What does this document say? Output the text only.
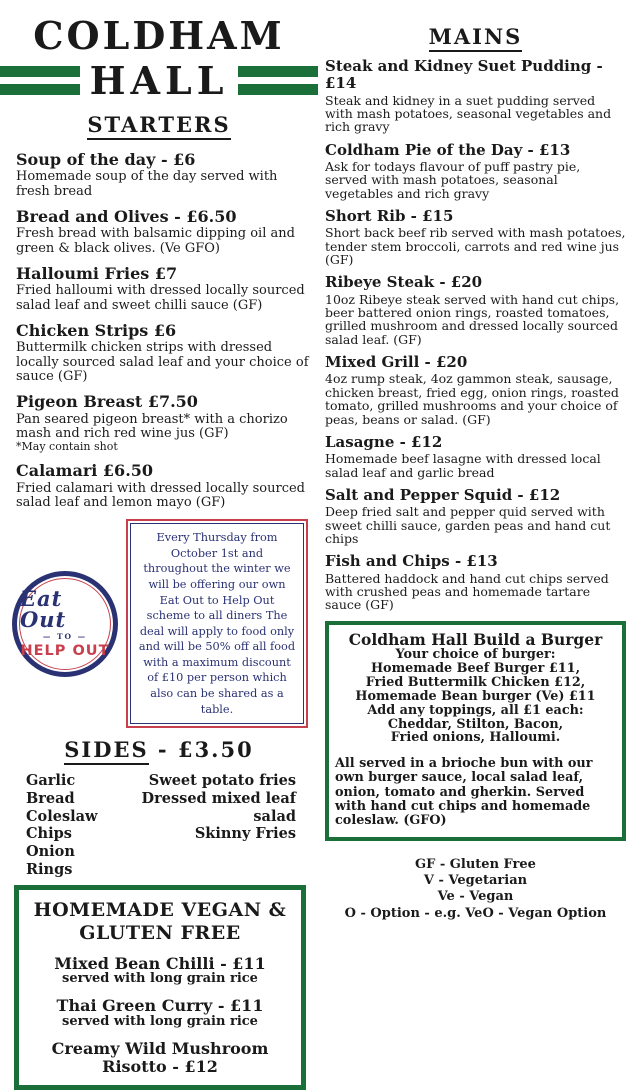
COLDHAM
HALL
STARTERS
Soup of the day - £6
Homemade soup of the day served with fresh bread
Bread and Olives - £6.50
Fresh bread with balsamic dipping oil and green & black olives. (Ve GFO)
Halloumi Fries £7
Fried halloumi with dressed locally sourced salad leaf and sweet chilli sauce (GF)
Chicken Strips £6
Buttermilk chicken strips with dressed locally sourced salad leaf and your choice of sauce (GF)
Pigeon Breast £7.50
Pan seared pigeon breast* with a chorizo mash and rich red wine jus (GF)
*May contain shot
Calamari £6.50
Fried calamari with dressed locally sourced salad leaf and lemon mayo (GF)
Eat Out
— TO —
HELP OUT
Every Thursday from October 1st and throughout the winter we will be offering our own Eat Out to Help Out scheme to all diners The deal will apply to food only and will be 50% off all food with a maximum discount of £10 per person which also can be shared as a table.
SIDES - £3.50
Garlic Bread
Coleslaw
Chips
Onion Rings
Sweet potato fries
Dressed mixed leaf salad
Skinny Fries
HOMEMADE VEGAN &
GLUTEN FREE
Mixed Bean Chilli - £11
served with long grain rice
Thai Green Curry - £11
served with long grain rice
Creamy Wild Mushroom Risotto - £12
MAINS
Steak and Kidney Suet Pudding - £14
Steak and kidney in a suet pudding served with mash potatoes, seasonal vegetables and rich gravy
Coldham Pie of the Day - £13
Ask for todays flavour of puff pastry pie, served with mash potatoes, seasonal vegetables and rich gravy
Short Rib - £15
Short back beef rib served with mash potatoes, tender stem broccoli, carrots and red wine jus (GF)
Ribeye Steak - £20
10oz Ribeye steak served with hand cut chips, beer battered onion rings, roasted tomatoes, grilled mushroom and dressed locally sourced salad leaf. (GF)
Mixed Grill - £20
4oz rump steak, 4oz gammon steak, sausage, chicken breast, fried egg, onion rings, roasted tomato, grilled mushrooms and your choice of peas, beans or salad. (GF)
Lasagne - £12
Homemade beef lasagne with dressed local salad leaf and garlic bread
Salt and Pepper Squid - £12
Deep fried salt and pepper quid served with sweet chilli sauce, garden peas and hand cut chips
Fish and Chips - £13
Battered haddock and hand cut chips served with crushed peas and homemade tartare sauce (GF)
Coldham Hall Build a Burger
Your choice of burger:
Homemade Beef Burger £11,
Fried Buttermilk Chicken £12,
Homemade Bean burger (Ve) £11
Add any toppings, all £1 each:
Cheddar, Stilton, Bacon,
Fried onions, Halloumi.
All served in a brioche bun with our own burger sauce, local salad leaf, onion, tomato and gherkin. Served with hand cut chips and homemade coleslaw. (GFO)
GF - Gluten Free
V - Vegetarian
Ve - Vegan
O - Option - e.g. VeO - Vegan Option
